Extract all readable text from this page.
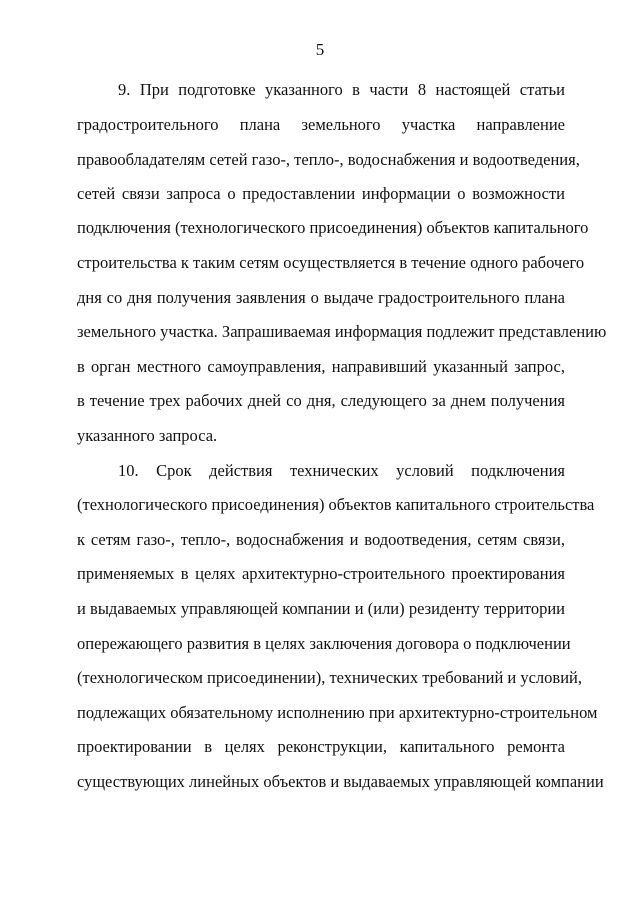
5
9. При подготовке указанного в части 8 настоящей статьи
градостроительного плана земельного участка направление
правообладателям сетей газо-, тепло-, водоснабжения и водоотведения,
сетей связи запроса о предоставлении информации о возможности
подключения (технологического присоединения) объектов капитального
строительства к таким сетям осуществляется в течение одного рабочего
дня со дня получения заявления о выдаче градостроительного плана
земельного участка. Запрашиваемая информация подлежит представлению
в орган местного самоуправления, направивший указанный запрос,
в течение трех рабочих дней со дня, следующего за днем получения
указанного запроса.
10. Срок действия технических условий подключения
(технологического присоединения) объектов капитального строительства
к сетям газо-, тепло-, водоснабжения и водоотведения, сетям связи,
применяемых в целях архитектурно-строительного проектирования
и выдаваемых управляющей компании и (или) резиденту территории
опережающего развития в целях заключения договора о подключении
(технологическом присоединении), технических требований и условий,
подлежащих обязательному исполнению при архитектурно-строительном
проектировании в целях реконструкции, капитального ремонта
существующих линейных объектов и выдаваемых управляющей компании
